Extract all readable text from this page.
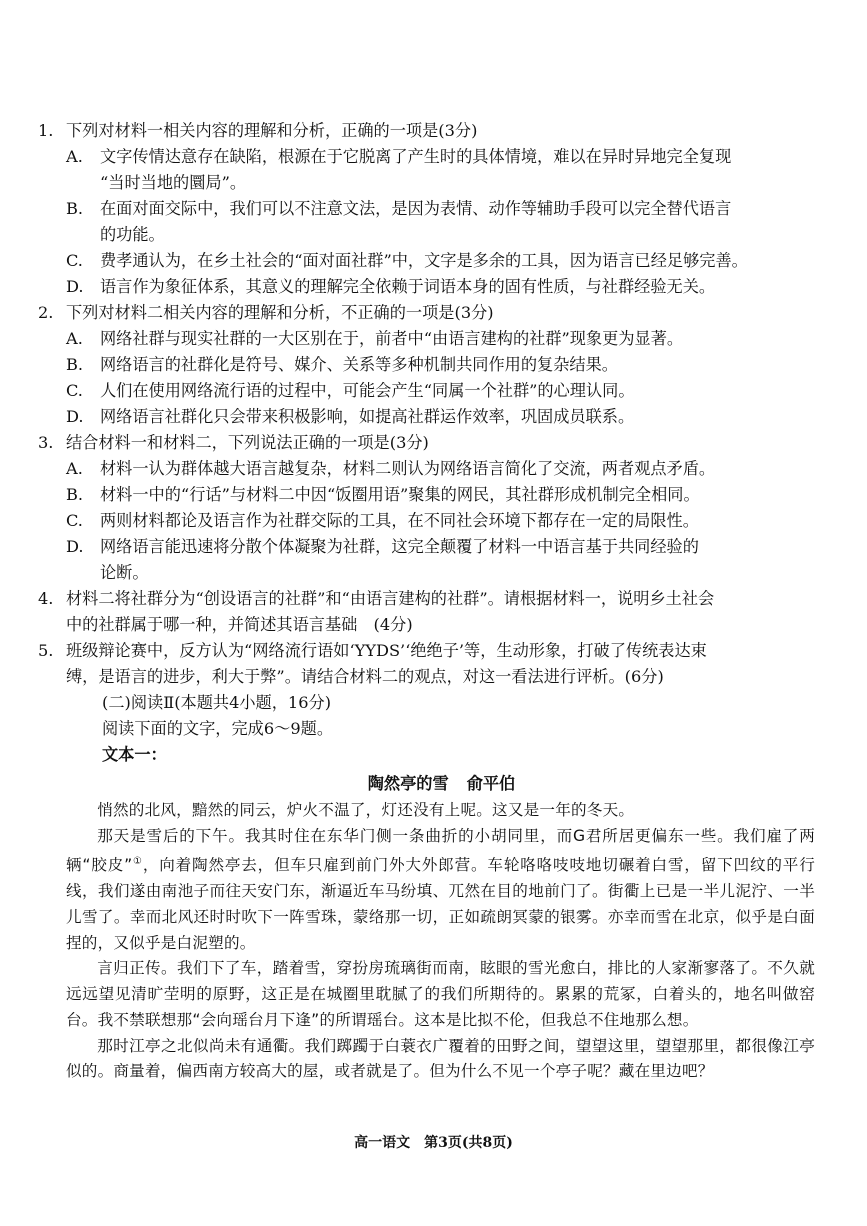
1. 下列对材料一相关内容的理解和分析，正确的一项是(3分)

A. 文字传情达意存在缺陷，根源在于它脱离了产生时的具体情境，难以在异时异地完全复现

“当时当地的圜局”。

B. 在面对面交际中，我们可以不注意文法，是因为表情、动作等辅助手段可以完全替代语言

的功能。

C. 费孝通认为，在乡土社会的“面对面社群”中，文字是多余的工具，因为语言已经足够完善。

D. 语言作为象征体系，其意义的理解完全依赖于词语本身的固有性质，与社群经验无关。

2. 下列对材料二相关内容的理解和分析，不正确的一项是(3分)

A. 网络社群与现实社群的一大区别在于，前者中“由语言建构的社群”现象更为显著。

B. 网络语言的社群化是符号、媒介、关系等多种机制共同作用的复杂结果。

C. 人们在使用网络流行语的过程中，可能会产生“同属一个社群”的心理认同。

D. 网络语言社群化只会带来积极影响，如提高社群运作效率，巩固成员联系。

3. 结合材料一和材料二，下列说法正确的一项是(3分)

A. 材料一认为群体越大语言越复杂，材料二则认为网络语言简化了交流，两者观点矛盾。

B. 材料一中的“行话”与材料二中因“饭圈用语”聚集的网民，其社群形成机制完全相同。

C. 两则材料都论及语言作为社群交际的工具，在不同社会环境下都存在一定的局限性。

D. 网络语言能迅速将分散个体凝聚为社群，这完全颠覆了材料一中语言基于共同经验的

论断。

4. 材料二将社群分为“创设语言的社群”和“由语言建构的社群”。请根据材料一，说明乡土社会

中的社群属于哪一种，并简述其语言基础　(4分)

5. 班级辩论赛中，反方认为“网络流行语如‘YYDS’‘绝绝子’等，生动形象，打破了传统表达束

缚，是语言的进步，利大于弊”。请结合材料二的观点，对这一看法进行评析。(6分)

(二)阅读Ⅱ(本题共4小题，16分)

阅读下面的文字，完成6～9题。

文本一：

陶然亭的雪 俞平伯

悄然的北风，黯然的同云，炉火不温了，灯还没有上呢。这又是一年的冬天。

那天是雪后的下午。我其时住在东华门侧一条曲折的小胡同里，而G君所居更偏东一些。我们雇了两辆“胶皮”①，向着陶然亭去，但车只雇到前门外大外郎营。车轮咯咯吱吱地切碾着白雪，留下凹纹的平行线，我们遂由南池子而往天安门东，渐逼近车马纷填、兀然在目的地前门了。街衢上已是一半儿泥泞、一半儿雪了。幸而北风还时时吹下一阵雪珠，蒙络那一切，正如疏朗冥蒙的银雾。亦幸而雪在北京，似乎是白面捏的，又似乎是白泥塑的。

言归正传。我们下了车，踏着雪，穿扮房琉璃街而南，眩眼的雪光愈白，排比的人家渐寥落了。不久就远远望见清旷茔明的原野，这正是在城圈里耽腻了的我们所期待的。累累的荒冢，白着头的，地名叫做窑台。我不禁联想那“会向瑶台月下逢”的所谓瑶台。这本是比拟不伦，但我总不住地那么想。

那时江亭之北似尚未有通衢。我们踯躅于白蓑衣广覆着的田野之间，望望这里，望望那里，都很像江亭似的。商量着，偏西南方较高大的屋，或者就是了。但为什么不见一个亭子呢？藏在里边吧？

高一语文　第3页(共8页)
